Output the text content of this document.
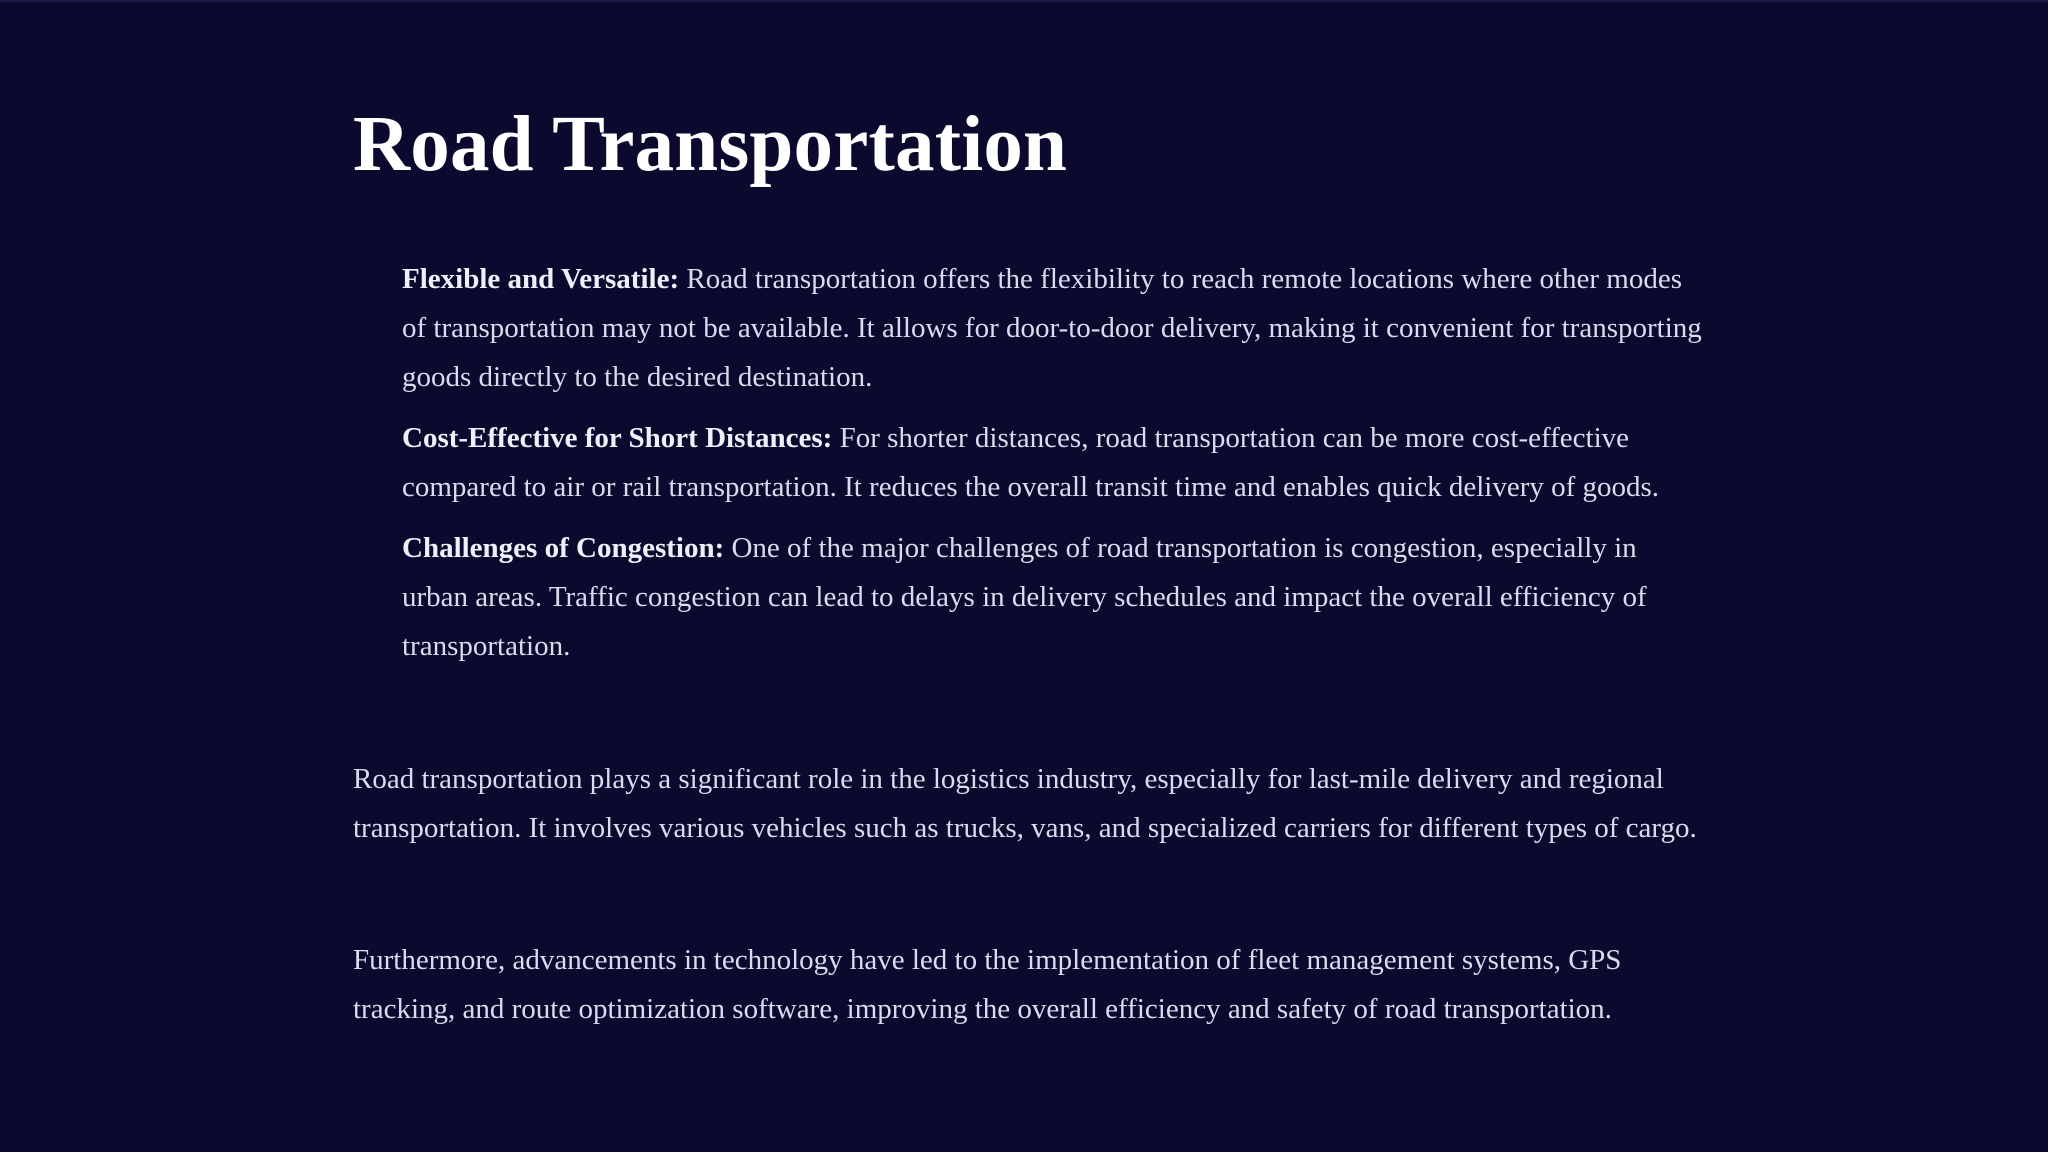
Road Transportation
Flexible and Versatile: Road transportation offers the flexibility to reach remote locations where other modes of transportation may not be available. It allows for door-to-door delivery, making it convenient for transporting goods directly to the desired destination.
Cost-Effective for Short Distances: For shorter distances, road transportation can be more cost-effective compared to air or rail transportation. It reduces the overall transit time and enables quick delivery of goods.
Challenges of Congestion: One of the major challenges of road transportation is congestion, especially in urban areas. Traffic congestion can lead to delays in delivery schedules and impact the overall efficiency of transportation.

Road transportation plays a significant role in the logistics industry, especially for last-mile delivery and regional transportation. It involves various vehicles such as trucks, vans, and specialized carriers for different types of cargo.

Furthermore, advancements in technology have led to the implementation of fleet management systems, GPS tracking, and route optimization software, improving the overall efficiency and safety of road transportation.
